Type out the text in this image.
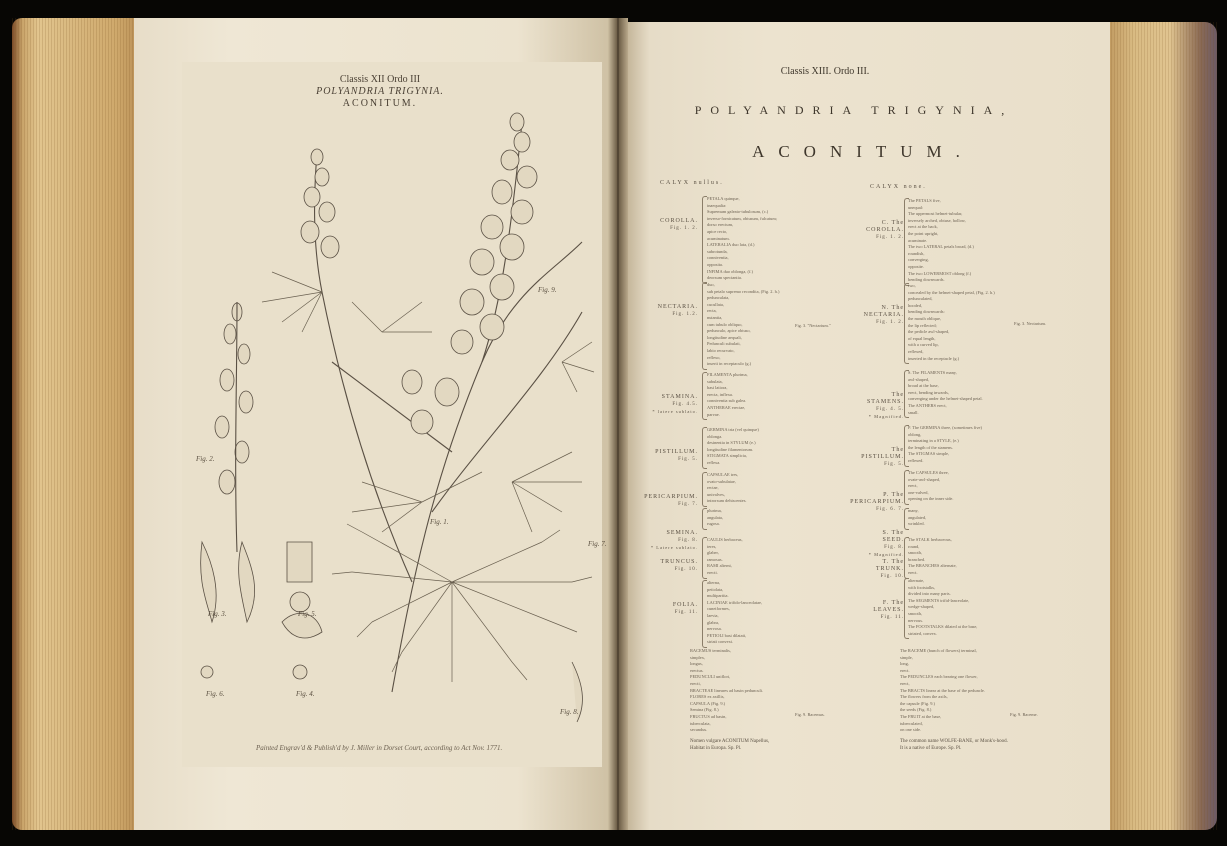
Classis XII Ordo III
POLYANDRIA TRIGYNIA.
ACONITUM.
Fig. 9.
Fig. 1.
Fig. 3.	Fig. 5.
Fig. 6.	Fig. 4.
Fig. 2.
Fig. 7.
Fig. 8.
Painted Engrav'd & Publish'd by J. Miller in Dorset Court, according to Act Nov. 1771.
Classis XIII. Ordo III.
POLYANDRIA TRIGYNIA,
ACONITUM.
CALYX nullus.
CALYX none.
COROLLA.
Fig. 1. 2.
PETALA quinque,
inaequalia:
Supremum galeato-tubulosum, (c.)
inverso-fornicatum, obtusum, fulcatum;
dorso erectum,
apice recto,
acuminatum.
LATERALIA duo lata, (d.)
subrotunda,
conniventia,
opposita.
INFIMA duo oblonga, (f.)
deorsum spectantia.
NECTARIA.
Fig. 1.2.
duo,
sub petalo supremo recondita, (Fig. 2. h.)
pedunculata,
cucullata,
recta,
nutantia,
cum tubulo obliquo,
pedunculo, apice obtuso,
longitudine aequali,
Pedunculi subulati,
labio recurvato,
reflexo,
inserti in receptaculo (g.)
Fig. 3. "Nectarium."
STAMINA.
Fig. 4.5.
* latere sublato.
FILAMENTA plurima,
subulata,
basi latiora,
erecta, inflexa.
conniventia sub galea.
ANTHERAE erectae,
parvae.
PISTILLUM.
Fig. 5.
GERMINA tria (vel quinque)
oblonga.
desinentia in STYLUM (e.)
longitudine filamentorum.
STIGMATA simplicia,
reflexa.
PERICARPIUM.
Fig. 7.
CAPSULAE tres,
ovato-subulatae,
rectae,
univalves,
introrsum dehiscentes.
SEMINA.
Fig. 8.
* Latere sublato.
plurima,
angulata,
rugosa.
TRUNCUS.
Fig. 10.
CAULIS herbaceus,
teres,
glaber,
ramosus.
RAMI alterni,
erecti.
FOLIA.
Fig. 11.
alterna,
petiolata,
multipartita.
LACINIAE trifido-lanceolatae,
cuneiformes,
laevia,
glabra,
nervosa.
PETIOLI basi dilatati,
striati convexi.
C. The
COROLLA.
Fig. 1. 2.
The PETALS five,
unequal:
The uppermost helmet-tubular,
inversely arched, obtuse, hollow,
erect at the back,
the point upright,
acuminate.
The two LATERAL petals broad, (d.)
roundish,
converging,
opposite.
The two LOWERMOST oblong (f.)
bending downwards.
N. The
NECTARIA.
Fig. 1. 2.
two,
concealed by the helmet-shaped petal, (Fig. 2. h.)
pedunculated,
hooded,
bending downwards:
the mouth oblique,
the lip reflected;
the pedicle awl-shaped,
of equal length,
with a curved lip,
reflexed,
inserted in the receptacle (g.)
Fig. 3. Nectarium.
The
STAMENS.
Fig. 4. 5.
* Magnified.
S. The FILAMENTS many,
awl-shaped,
broad at the base,
erect, bending inwards,
converging under the helmet-shaped petal.
The ANTHERS erect,
small.
The
PISTILLUM.
Fig. 5.
P. The GERMINA three, (sometimes five)
oblong,
terminating in a STYLE, (e.)
the length of the stamens.
The STIGMAS simple,
reflexed.
P. The
PERICARPIUM.
Fig. 6. 7.
The CAPSULES three,
ovate-awl-shaped,
erect,
one-valved,
opening on the inner side.
S. The
SEED.
Fig. 8.
* Magnified.
many,
angulated,
wrinkled.
T. The
TRUNK.
Fig. 10.
The STALK herbaceous,
round,
smooth,
branched.
The BRANCHES alternate,
erect.
F. The
LEAVES.
Fig. 11.
alternate,
with footstalks,
divided into many parts.
The SEGMENTS trifid-lanceolate,
wedge-shaped,
smooth,
nervous.
The FOOTSTALKS dilated at the base,
striated, convex.
RACEMUS terminalis,
simplex,
longus,
erectus.
PEDUNCULI uniflori,
erecti,
BRACTEAE lineares ad basin pedunculi.
FLORES ex axillis,
CAPSULA (Fig. 9.)
Semina (Fig. 8.)
FRUCTUS ad basin,
tuberculata,
secundus.
Fig. 9. Racemus.
The RACEME (bunch of flowers) terminal,
simple,
long,
erect.
The PEDUNCLES each bearing one flower,
erect,
The BRACTS linear at the base of the peduncle.
The flowers from the axils,
the capsule (Fig. 9.)
the seeds (Fig. 8.)
The FRUIT at the base,
tuberculated,
on one side.
Fig. 9. Raceme.
Nomen vulgare ACONITUM Napellus,
Habitat in Europa. Sp. Pl.
The common name WOLFE-BANE, or Monk's-hood.
It is a native of Europe. Sp. Pl.
